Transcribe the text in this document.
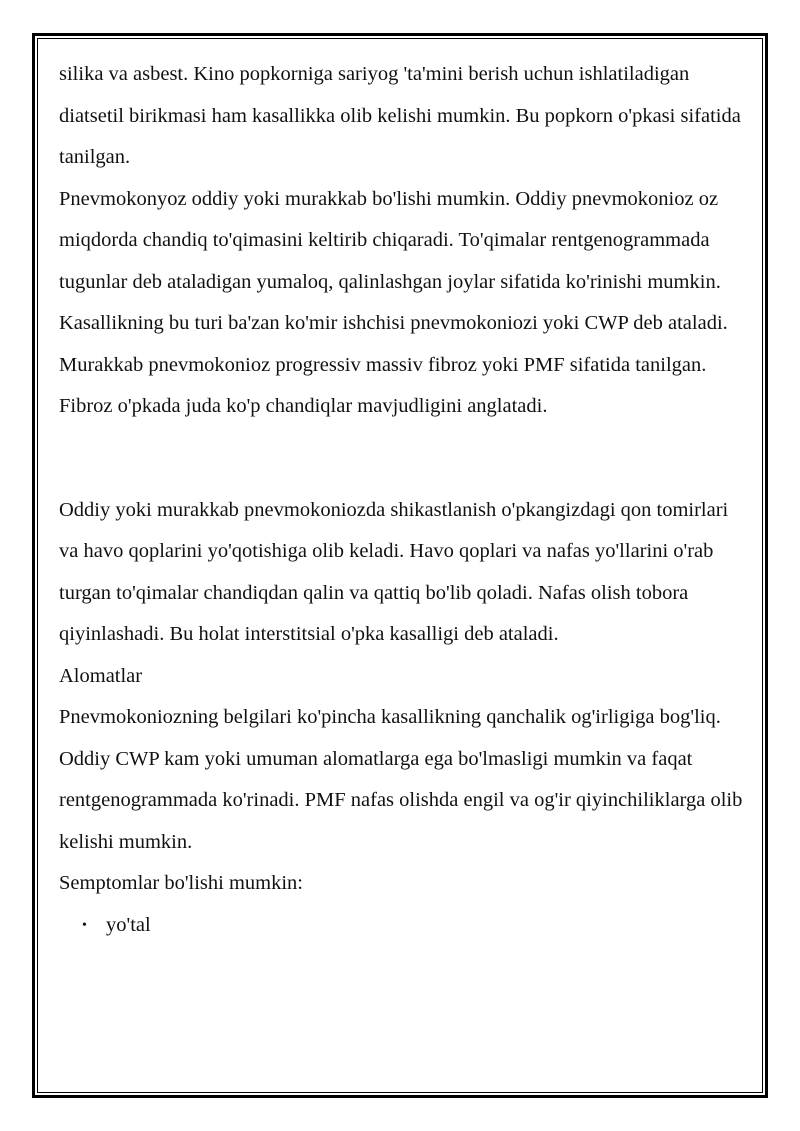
silika va asbest. Kino popkorniga sariyog 'ta'mini berish uchun ishlatiladigan diatsetil birikmasi ham kasallikka olib kelishi mumkin. Bu popkorn o'pkasi sifatida tanilgan.

Pnevmokonyoz oddiy yoki murakkab bo'lishi mumkin. Oddiy pnevmokonioz oz miqdorda chandiq to'qimasini keltirib chiqaradi. To'qimalar rentgenogrammada tugunlar deb ataladigan yumaloq, qalinlashgan joylar sifatida ko'rinishi mumkin. Kasallikning bu turi ba'zan ko'mir ishchisi pnevmokoniozi yoki CWP deb ataladi. Murakkab pnevmokonioz progressiv massiv fibroz yoki PMF sifatida tanilgan. Fibroz o'pkada juda ko'p chandiqlar mavjudligini anglatadi.

Oddiy yoki murakkab pnevmokoniozda shikastlanish o'pkangizdagi qon tomirlari va havo qoplarini yo'qotishiga olib keladi. Havo qoplari va nafas yo'llarini o'rab turgan to'qimalar chandiqdan qalin va qattiq bo'lib qoladi. Nafas olish tobora qiyinlashadi. Bu holat interstitsial o'pka kasalligi deb ataladi.

Alomatlar

Pnevmokoniozning belgilari ko'pincha kasallikning qanchalik og'irligiga bog'liq. Oddiy CWP kam yoki umuman alomatlarga ega bo'lmasligi mumkin va faqat rentgenogrammada ko'rinadi. PMF nafas olishda engil va og'ir qiyinchiliklarga olib kelishi mumkin.

Semptomlar bo'lishi mumkin:

• yo'tal
